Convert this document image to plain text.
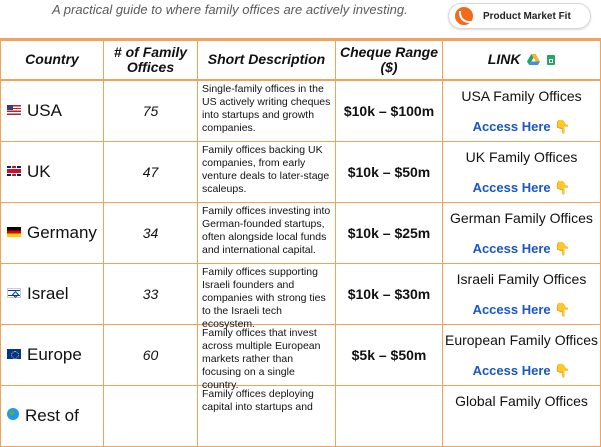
A practical guide to where family offices are actively investing.	Product Market Fit
Country	# of Family Offices	Short Description	Cheque Range ($)	LINK
USA	75	Single-family offices in the US actively writing cheques into startups and growth companies.	$10k – $100m	USA Family Offices
Access Here 👇

UK	47	Family offices backing UK companies, from early venture deals to later-stage scaleups.	$10k – $50m	UK Family Offices
Access Here 👇

Germany	34	Family offices investing into German-founded startups, often alongside local funds and international capital.	$10k – $25m	German Family Offices
Access Here 👇

Israel	33	Family offices supporting Israeli founders and companies with strong ties to the Israeli tech ecosystem.	$10k – $30m	Israeli Family Offices
Access Here 👇

Europe	60	Family offices that invest across multiple European markets rather than focusing on a single country.	$5k – $50m	European Family Offices
Access Here 👇

Rest of		Family offices deploying capital into startups and		Global Family Offices
